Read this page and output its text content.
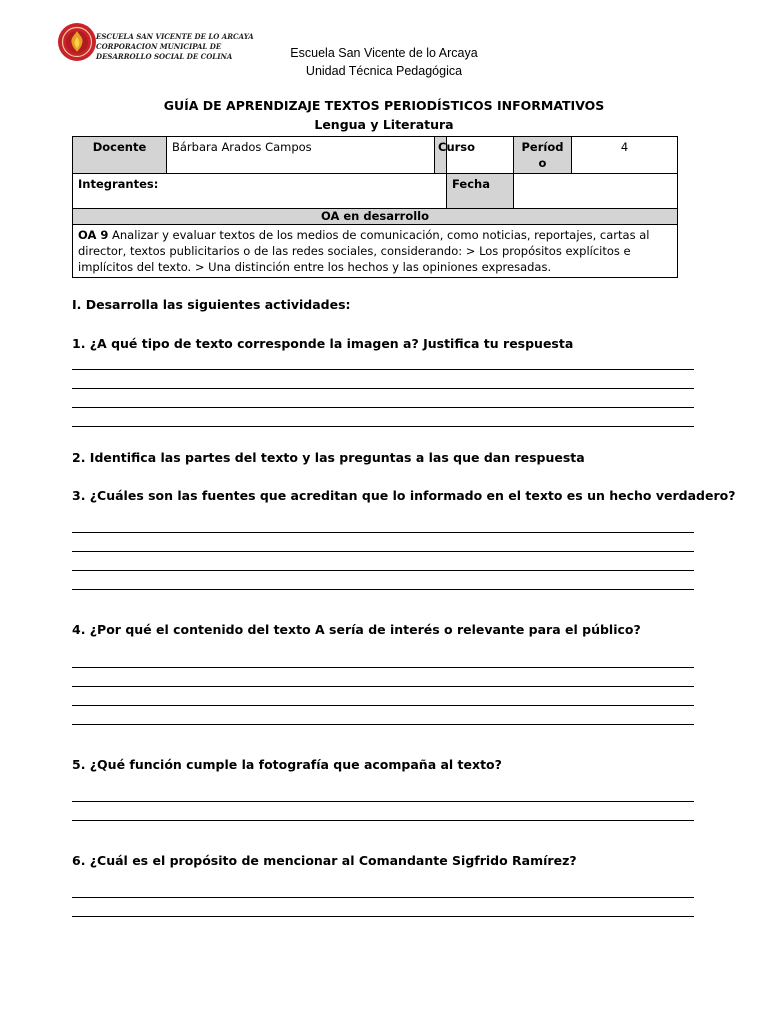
ESCUELA SAN VICENTE DE LO ARCAYA
CORPORACION MUNICIPAL DE
DESARROLLO SOCIAL DE COLINA	Escuela San Vicente de lo Arcaya
Unidad Técnica Pedagógica
GUÍA DE APRENDIZAJE TEXTOS PERIODÍSTICOS INFORMATIVOS
Lengua y Literatura
Docente	Bárbara Arados Campos	Curso		Períod o	4
Integrantes:			Fecha		
OA en desarrollo					
OA 9 Analizar y evaluar textos de los medios de comunicación, como noticias, reportajes, cartas al director, textos publicitarios o de las redes sociales, considerando: > Los propósitos explícitos e implícitos del texto. > Una distinción entre los hechos y las opiniones expresadas.					
I. Desarrolla las siguientes actividades:
1. ¿A qué tipo de texto corresponde la imagen a? Justifica tu respuesta
2. Identifica las partes del texto y las preguntas a las que dan respuesta
3. ¿Cuáles son las fuentes que acreditan que lo informado en el texto es un hecho verdadero?
4. ¿Por qué el contenido del texto A sería de interés o relevante para el público?
5. ¿Qué función cumple la fotografía que acompaña al texto?
6. ¿Cuál es el propósito de mencionar al Comandante Sigfrido Ramírez?
